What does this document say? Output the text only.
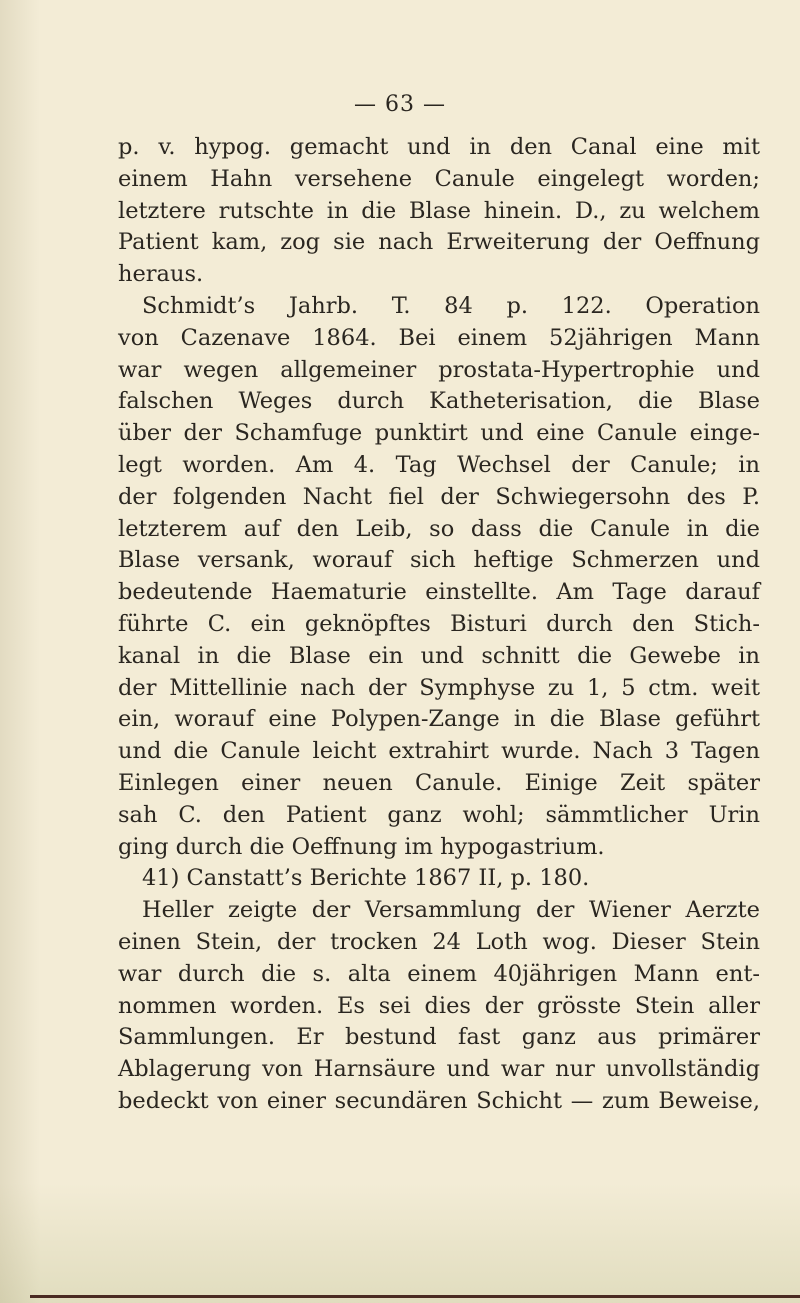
— 63 —
p. v. hypog. gemacht und in den Canal eine mit
einem Hahn versehene Canule eingelegt worden;
letztere rutschte in die Blase hinein. D., zu welchem
Patient kam, zog sie nach Erweiterung der Oeffnung
heraus.
Schmidt’s Jahrb. T. 84 p. 122. Operation
von Cazenave 1864. Bei einem 52jährigen Mann
war wegen allgemeiner prostata-Hypertrophie und
falschen Weges durch Katheterisation, die Blase
über der Schamfuge punktirt und eine Canule einge-
legt worden. Am 4. Tag Wechsel der Canule; in
der folgenden Nacht fiel der Schwiegersohn des P.
letzterem auf den Leib, so dass die Canule in die
Blase versank, worauf sich heftige Schmerzen und
bedeutende Haematurie einstellte. Am Tage darauf
führte C. ein geknöpftes Bisturi durch den Stich-
kanal in die Blase ein und schnitt die Gewebe in
der Mittellinie nach der Symphyse zu 1, 5 ctm. weit
ein, worauf eine Polypen-Zange in die Blase geführt
und die Canule leicht extrahirt wurde. Nach 3 Tagen
Einlegen einer neuen Canule. Einige Zeit später
sah C. den Patient ganz wohl; sämmtlicher Urin
ging durch die Oeffnung im hypogastrium.
41) Canstatt’s Berichte 1867 II, p. 180.
Heller zeigte der Versammlung der Wiener Aerzte
einen Stein, der trocken 24 Loth wog. Dieser Stein
war durch die s. alta einem 40jährigen Mann ent-
nommen worden. Es sei dies der grösste Stein aller
Sammlungen. Er bestund fast ganz aus primärer
Ablagerung von Harnsäure und war nur unvollständig
bedeckt von einer secundären Schicht — zum Beweise,
